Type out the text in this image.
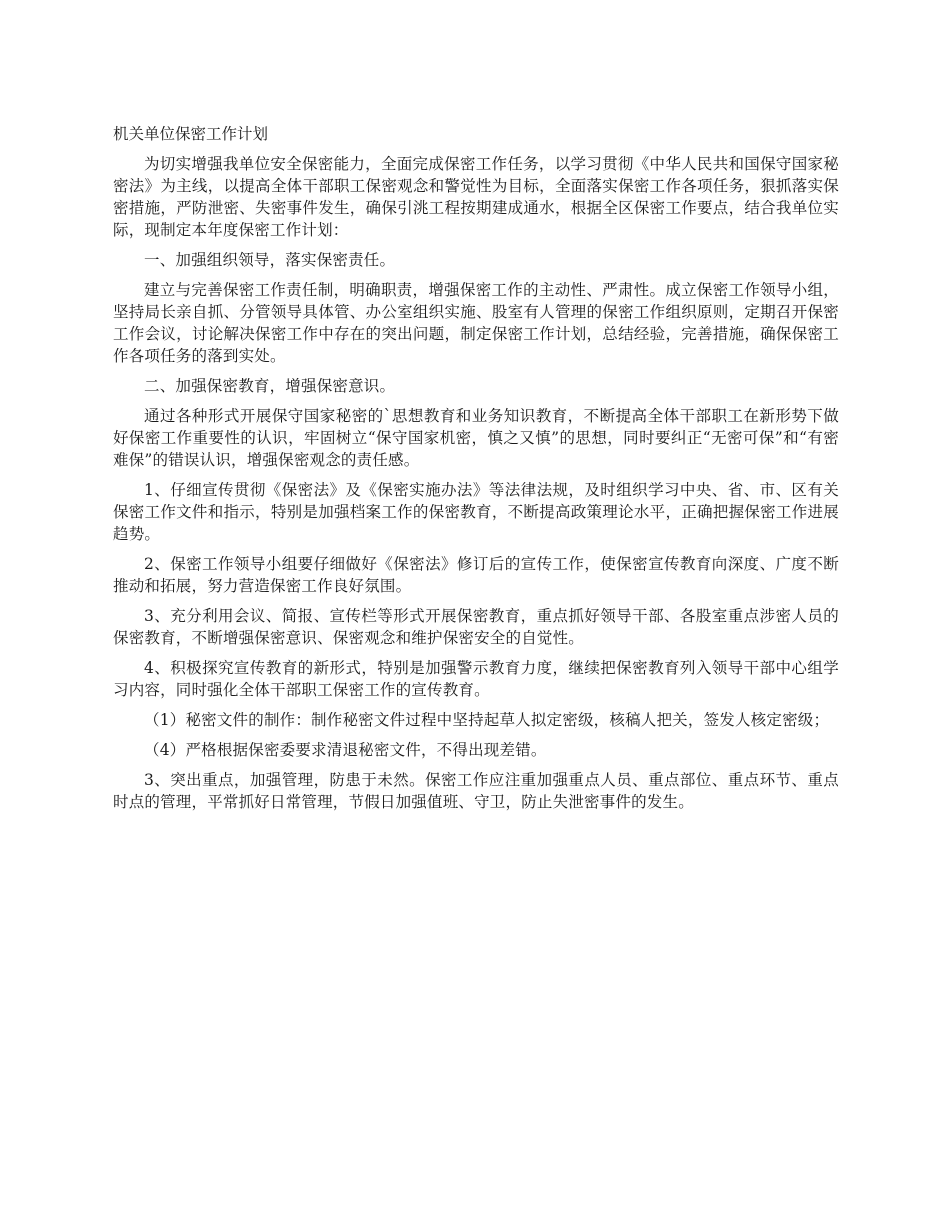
机关单位保密工作计划

为切实增强我单位安全保密能力，全面完成保密工作任务，以学习贯彻《中华人民共和国保守国家秘密法》为主线，以提高全体干部职工保密观念和警觉性为目标，全面落实保密工作各项任务，狠抓落实保密措施，严防泄密、失密事件发生，确保引洮工程按期建成通水，根据全区保密工作要点，结合我单位实际，现制定本年度保密工作计划：

一、加强组织领导，落实保密责任。

建立与完善保密工作责任制，明确职责，增强保密工作的主动性、严肃性。成立保密工作领导小组，坚持局长亲自抓、分管领导具体管、办公室组织实施、股室有人管理的保密工作组织原则，定期召开保密工作会议，讨论解决保密工作中存在的突出问题，制定保密工作计划，总结经验，完善措施，确保保密工作各项任务的落到实处。

二、加强保密教育，增强保密意识。

通过各种形式开展保守国家秘密的`思想教育和业务知识教育，不断提高全体干部职工在新形势下做好保密工作重要性的认识，牢固树立“保守国家机密，慎之又慎”的思想，同时要纠正“无密可保”和“有密难保”的错误认识，增强保密观念的责任感。

1、仔细宣传贯彻《保密法》及《保密实施办法》等法律法规，及时组织学习中央、省、市、区有关保密工作文件和指示，特别是加强档案工作的保密教育，不断提高政策理论水平，正确把握保密工作进展趋势。

2、保密工作领导小组要仔细做好《保密法》修订后的宣传工作，使保密宣传教育向深度、广度不断推动和拓展，努力营造保密工作良好氛围。

3、充分利用会议、简报、宣传栏等形式开展保密教育，重点抓好领导干部、各股室重点涉密人员的保密教育，不断增强保密意识、保密观念和维护保密安全的自觉性。

4、积极探究宣传教育的新形式，特别是加强警示教育力度，继续把保密教育列入领导干部中心组学习内容，同时强化全体干部职工保密工作的宣传教育。

（1）秘密文件的制作：制作秘密文件过程中坚持起草人拟定密级，核稿人把关，签发人核定密级；

（4）严格根据保密委要求清退秘密文件，不得出现差错。

3、突出重点，加强管理，防患于未然。保密工作应注重加强重点人员、重点部位、重点环节、重点时点的管理，平常抓好日常管理，节假日加强值班、守卫，防止失泄密事件的发生。
